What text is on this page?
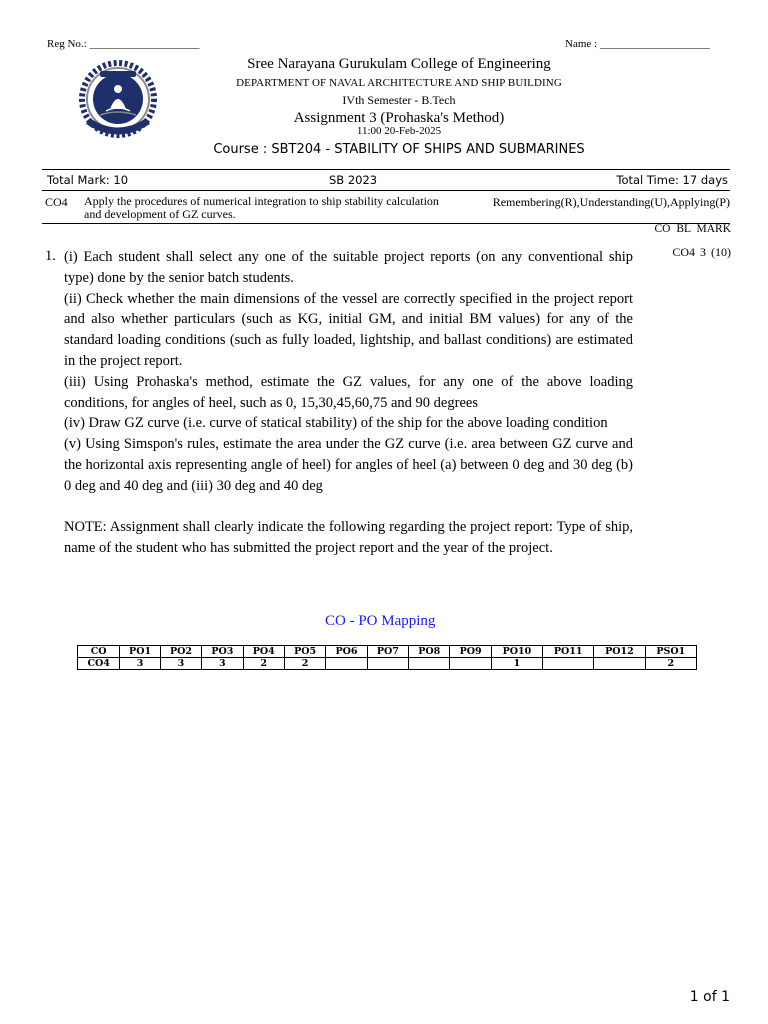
Reg No.: ____________________	Name : ____________________
Sree Narayana Gurukulam College of Engineering
DEPARTMENT OF NAVAL ARCHITECTURE AND SHIP BUILDING
IVth Semester - B.Tech
Assignment 3 (Prohaska's Method)
11:00 20-Feb-2025
Course : SBT204 - STABILITY OF SHIPS AND SUBMARINES
Total Mark: 10	SB 2023	Total Time: 17 days
CO4 Apply the procedures of numerical integration to ship stability calculation and development of GZ curves.
Remembering(R),Understanding(U),Applying(P)
CO BL MARK
1. (i) Each student shall select any one of the suitable project reports (on any conventional ship type) done by the senior batch students.

(ii) Check whether the main dimensions of the vessel are correctly specified in the project report and also whether particulars (such as KG, initial GM, and initial BM values) for any of the standard loading conditions (such as fully loaded, lightship, and ballast conditions) are estimated in the project report.

(iii) Using Prohaska's method, estimate the GZ values, for any one of the above loading conditions, for angles of heel, such as 0, 15,30,45,60,75 and 90 degrees

(iv) Draw GZ curve (i.e. curve of statical stability) of the ship for the above loading condition

(v) Using Simspon's rules, estimate the area under the GZ curve (i.e. area between GZ curve and the horizontal axis representing angle of heel) for angles of heel (a) between 0 deg and 30 deg (b) 0 deg and 40 deg and (iii) 30 deg and 40 deg

NOTE: Assignment shall clearly indicate the following regarding the project report: Type of ship, name of the student who has submitted the project report and the year of the project.

CO4 3 (10)
CO - PO Mapping
CO	PO1	PO2	PO3	PO4	PO5	PO6	PO7	PO8	PO9	PO10	PO11	PO12	PSO1
CO4	3	3	3	2	2					1			2
1 of 1
